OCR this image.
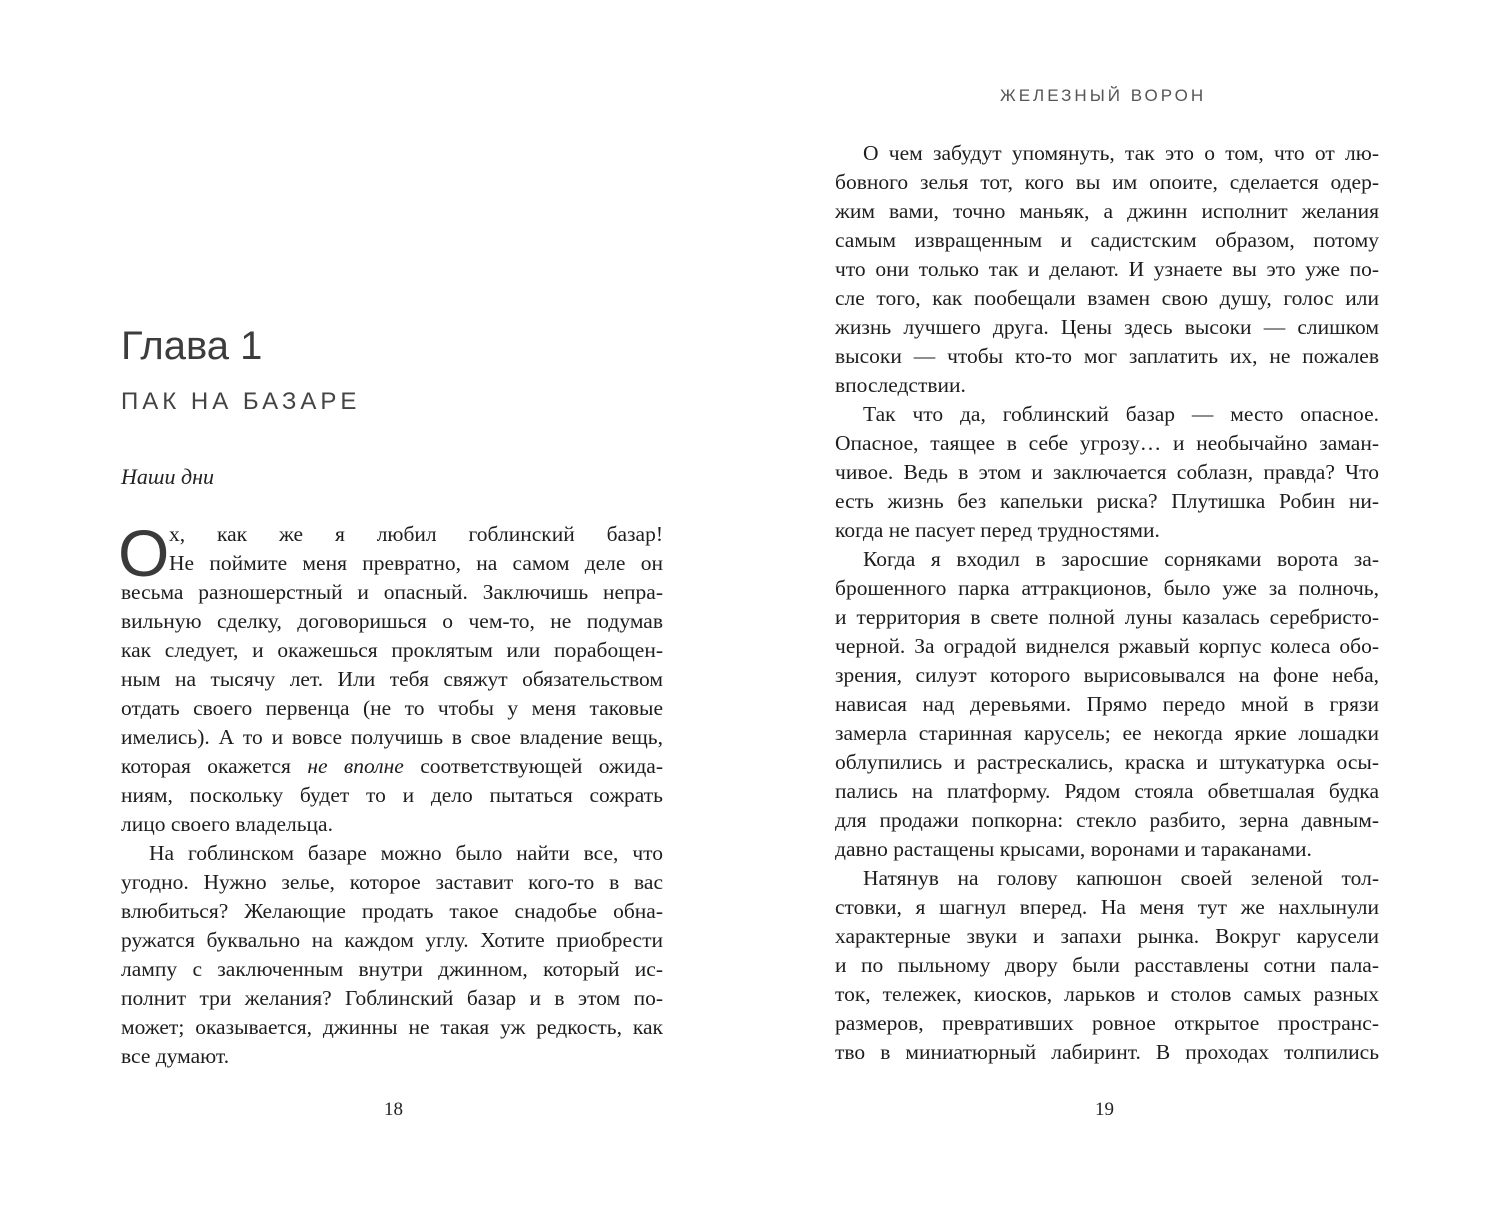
Глава 1
ПАК НА БАЗАРЕ
Наши дни
О х, как же я любил гоблинский базар!
Не поймите меня превратно, на самом деле он
весьма разношерстный и опасный. Заключишь непра-
вильную сделку, договоришься о чем-то, не подумав
как следует, и окажешься проклятым или порабощен-
ным на тысячу лет. Или тебя свяжут обязательством
отдать своего первенца (не то чтобы у меня таковые
имелись). А то и вовсе получишь в свое владение вещь,
которая окажется не вполне соответствующей ожида-
ниям, поскольку будет то и дело пытаться сожрать
лицо своего владельца.
На гоблинском базаре можно было найти все, что
угодно. Нужно зелье, которое заставит кого-то в вас
влюбиться? Желающие продать такое снадобье обна-
ружатся буквально на каждом углу. Хотите приобрести
лампу с заключенным внутри джинном, который ис-
полнит три желания? Гоблинский базар и в этом по-
может; оказывается, джинны не такая уж редкость, как
все думают.
18
ЖЕЛЕЗНЫЙ ВОРОН
О чем забудут упомянуть, так это о том, что от лю-
бовного зелья тот, кого вы им опоите, сделается одер-
жим вами, точно маньяк, а джинн исполнит желания
самым извращенным и садистским образом, потому
что они только так и делают. И узнаете вы это уже по-
сле того, как пообещали взамен свою душу, голос или
жизнь лучшего друга. Цены здесь высоки — слишком
высоки — чтобы кто-то мог заплатить их, не пожалев
впоследствии.
Так что да, гоблинский базар — место опасное.
Опасное, таящее в себе угрозу… и необычайно заман-
чивое. Ведь в этом и заключается соблазн, правда? Что
есть жизнь без капельки риска? Плутишка Робин ни-
когда не пасует перед трудностями.
Когда я входил в заросшие сорняками ворота за-
брошенного парка аттракционов, было уже за полночь,
и территория в свете полной луны казалась серебристо-
черной. За оградой виднелся ржавый корпус колеса обо-
зрения, силуэт которого вырисовывался на фоне неба,
нависая над деревьями. Прямо передо мной в грязи
замерла старинная карусель; ее некогда яркие лошадки
облупились и растрескались, краска и штукатурка осы-
пались на платформу. Рядом стояла обветшалая будка
для продажи попкорна: стекло разбито, зерна давным-
давно растащены крысами, воронами и тараканами.
Натянув на голову капюшон своей зеленой тол-
стовки, я шагнул вперед. На меня тут же нахлынули
характерные звуки и запахи рынка. Вокруг карусели
и по пыльному двору были расставлены сотни пала-
ток, тележек, киосков, ларьков и столов самых разных
размеров, превративших ровное открытое пространс-
тво в миниатюрный лабиринт. В проходах толпились
19
